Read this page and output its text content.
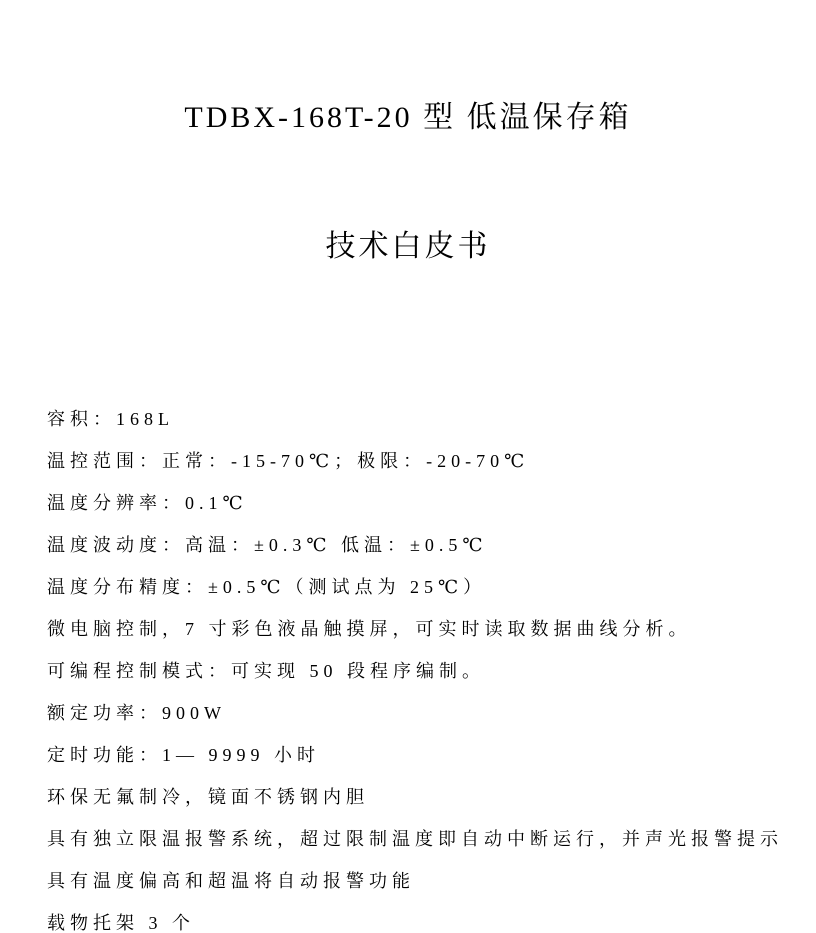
TDBX-168T-20 型 低温保存箱

技术白皮书

容积：168L

温控范围：正常：-15-70℃；极限：-20-70℃

温度分辨率：0.1℃

温度波动度：高温：±0.3℃ 低温：±0.5℃

温度分布精度：±0.5℃（测试点为 25℃）

微电脑控制，7 寸彩色液晶触摸屏，可实时读取数据曲线分析。

可编程控制模式：可实现 50 段程序编制。

额定功率：900W

定时功能：1— 9999 小时

环保无氟制冷，镜面不锈钢内胆

具有独立限温报警系统，超过限制温度即自动中断运行，并声光报警提示

具有温度偏高和超温将自动报警功能

载物托架 3 个
